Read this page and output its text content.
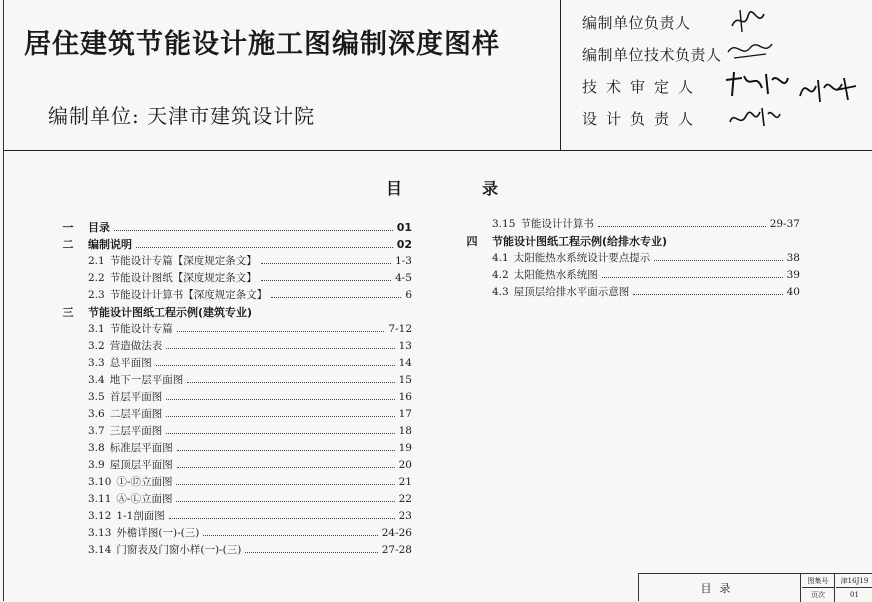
居住建筑节能设计施工图编制深度图样
编制单位: 天津市建筑设计院
编制单位负责人
编制单位技术负责人
技术审定人
设计负责人
目	录
一	目录	01
二	编制说明	02
2.1 节能设计专篇【深度规定条文】	1-3
2.2 节能设计图纸【深度规定条文】	4-5
2.3 节能设计计算书【深度规定条文】	6
三	节能设计图纸工程示例(建筑专业)
3.1 节能设计专篇	7-12
3.2 营造做法表	13
3.3 总平面图	14
3.4 地下一层平面图	15
3.5 首层平面图	16
3.6 二层平面图	17
3.7 三层平面图	18
3.8 标准层平面图	19
3.9 屋顶层平面图	20
3.10 ①-⑰立面图	21
3.11 Ⓐ-Ⓛ立面图	22
3.12 1-1剖面图	23
3.13 外檐详图(一)-(三)	24-26
3.14 门窗表及门窗小样(一)-(三)	27-28
3.15 节能设计计算书	29-37
四	节能设计图纸工程示例(给排水专业)
4.1 太阳能热水系统设计要点提示	38
4.2 太阳能热水系统图	39
4.3 屋顶层给排水平面示意图	40
目录
图集号	津16J19
页次	01
